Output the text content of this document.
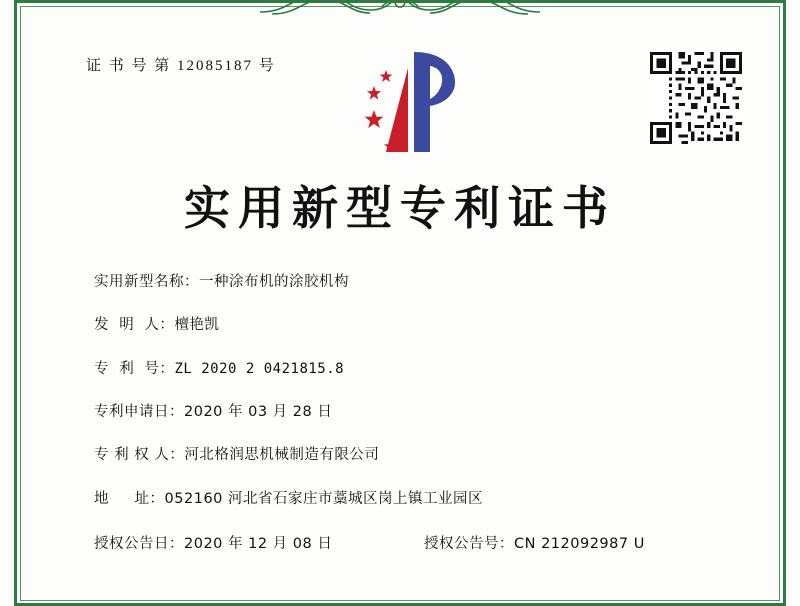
证 书 号 第 12085187 号
实用新型专利证书
实用新型名称： 一种涂布机的涂胶机构
发  明  人： 檀艳凯
专  利  号： ZL 2020 2 0421815.8
专利申请日： 2020 年 03 月 28 日
专 利 权 人： 河北格润思机械制造有限公司
地     址： 052160 河北省石家庄市藁城区岗上镇工业园区
授权公告日： 2020 年 12 月 08 日	授权公告号： CN 212092987 U
